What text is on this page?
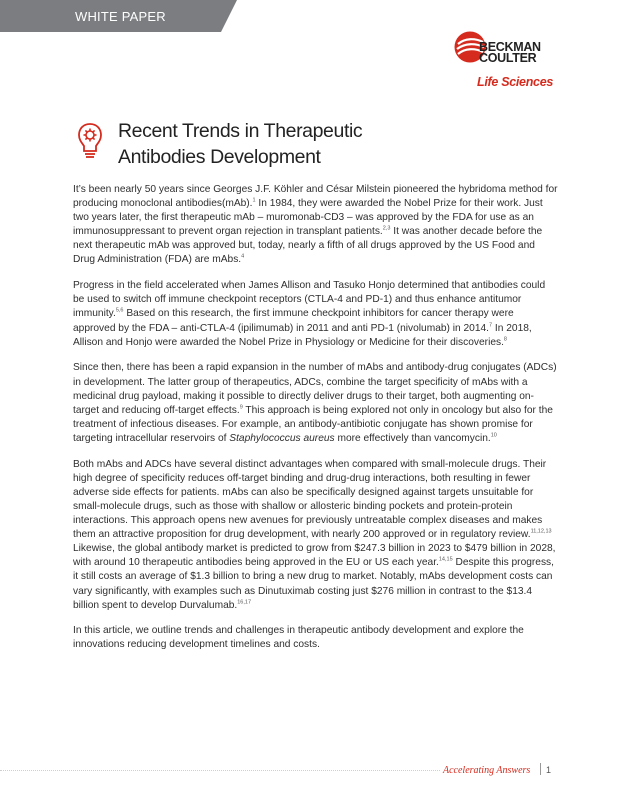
WHITE PAPER
BECKMAN
COULTER
Life Sciences
Recent Trends in Therapeutic
Antibodies Development

It’s been nearly 50 years since Georges J.F. Köhler and César Milstein pioneered the hybridoma method for producing monoclonal antibodies(mAb).$^1$ In 1984, they were awarded the Nobel Prize for their work. Just two years later, the first therapeutic mAb – muromonab-CD3 – was approved by the FDA for use as an immunosuppressant to prevent organ rejection in transplant patients.$^{2,3}$ It was another decade before the next therapeutic mAb was approved but, today, nearly a fifth of all drugs approved by the US Food and Drug Administration (FDA) are mAbs.$^4$

Progress in the field accelerated when James Allison and Tasuko Honjo determined that antibodies could be used to switch off immune checkpoint receptors (CTLA-4 and PD-1) and thus enhance antitumor immunity.$^{5,6}$ Based on this research, the first immune checkpoint inhibitors for cancer therapy were approved by the FDA – anti-CTLA-4 (ipilimumab) in 2011 and anti PD-1 (nivolumab) in 2014.$^7$ In 2018, Allison and Honjo were awarded the Nobel Prize in Physiology or Medicine for their discoveries.$^8$

Since then, there has been a rapid expansion in the number of mAbs and antibody-drug conjugates (ADCs) in development. The latter group of therapeutics, ADCs, combine the target specificity of mAbs with a medicinal drug payload, making it possible to directly deliver drugs to their target, both augmenting on-target and reducing off-target effects.$^9$ This approach is being explored not only in oncology but also for the treatment of infectious diseases. For example, an antibody-antibiotic conjugate has shown promise for targeting intracellular reservoirs of Staphylococcus aureus more effectively than vancomycin.$^{10}$

Both mAbs and ADCs have several distinct advantages when compared with small-molecule drugs. Their high degree of specificity reduces off-target binding and drug-drug interactions, both resulting in fewer adverse side effects for patients. mAbs can also be specifically designed against targets unsuitable for small-molecule drugs, such as those with shallow or allosteric binding pockets and protein-protein interactions. This approach opens new avenues for previously untreatable complex diseases and makes them an attractive proposition for drug development, with nearly 200 approved or in regulatory review.$^{11,12,13}$ Likewise, the global antibody market is predicted to grow from $247.3 billion in 2023 to $479 billion in 2028, with around 10 therapeutic antibodies being approved in the EU or US each year.$^{14,15}$ Despite this progress, it still costs an average of $1.3 billion to bring a new drug to market. Notably, mAbs development costs can vary significantly, with examples such as Dinutuximab costing just $276 million in contrast to the $13.4 billion spent to develop Durvalumab.$^{16,17}$

In this article, we outline trends and challenges in therapeutic antibody development and explore the innovations reducing development timelines and costs.

Accelerating Answers 1
